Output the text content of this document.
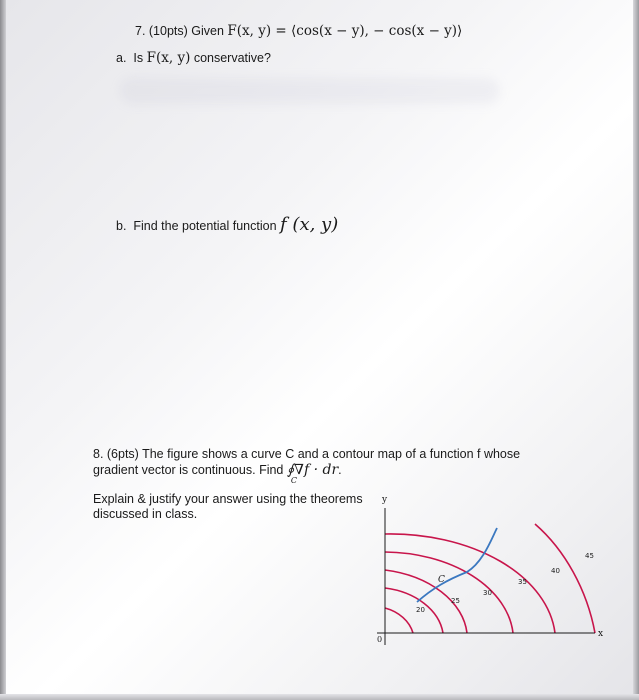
7. (10pts) Given F(x, y) = ⟨cos(x − y), − cos(x − y)⟩
a. Is F(x, y) conservative?
b. Find the potential function f (x, y)
8. (6pts) The figure shows a curve C and a contour map of a function f whose
gradient vector is continuous. Find ∮∇f · dr
C
.
Explain & justify your answer using the theorems
discussed in class.
y
x
0
C
20
25
30
35
40
45
